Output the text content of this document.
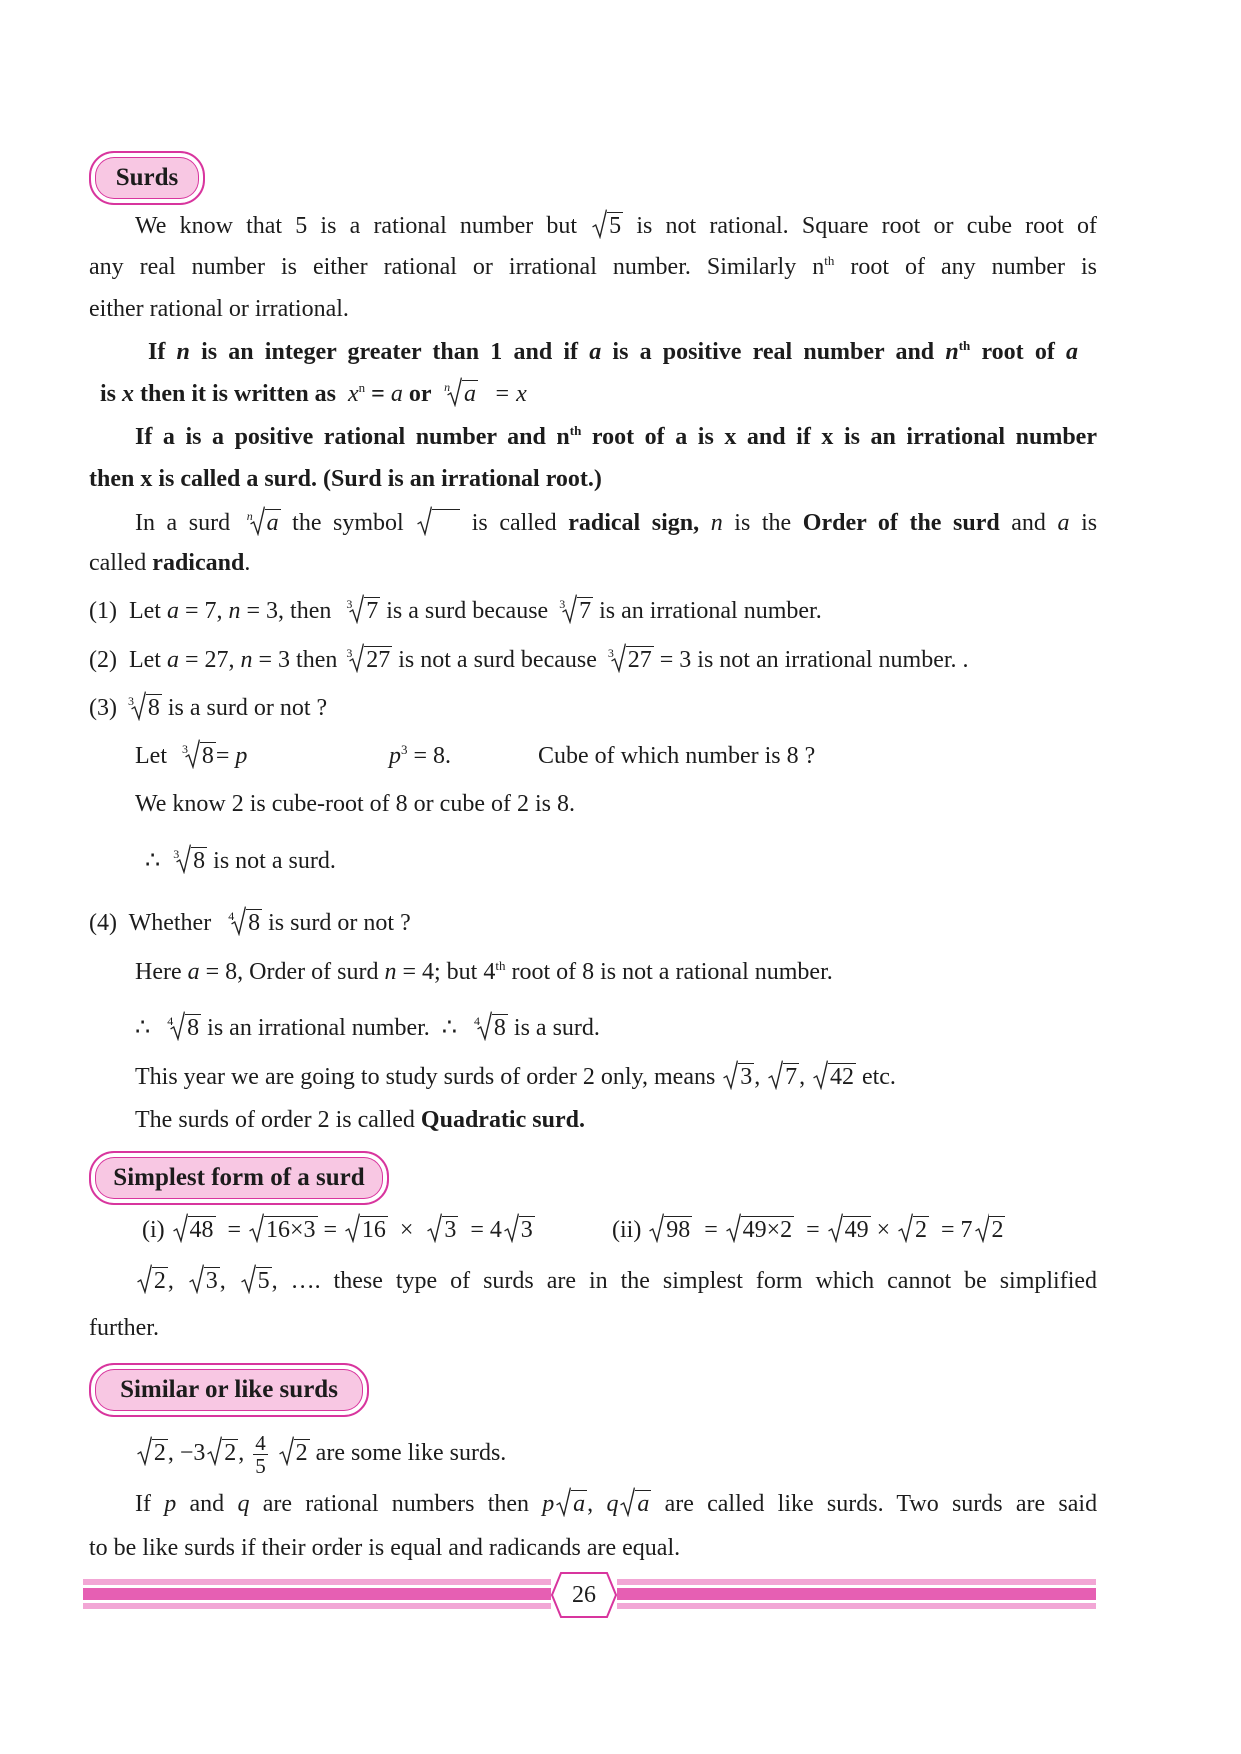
Surds
We know that 5 is a rational number but 5 is not rational. Square root or cube root of
any real number is either rational or irrational number. Similarly $n^{th}$ root of any number is
either rational or irrational.
If n is an integer greater than 1 and if a is a positive real number and $n^{th}$ root of a
is x then it is written as $x^n = a$ or n a = x
If a is a positive rational number and $n^{th}$ root of a is x and if x is an irrational number
then x is called a surd. (Surd is an irrational root.)
In a surd n a the symbol
 	is called radical sign, n is the Order of the surd and a is
called radicand.
(1) Let a = 7, n = 3, then 3 7 is a surd because 3 7 is an irrational number.
(2) Let a = 27, n = 3 then 3 27 is not a surd because 3 27 = 3 is not an irrational number. .
(3) 3 8 is a surd or not ?
Let 3 8= p	$p^3 = 8$.	Cube of which number is 8 ?
We know 2 is cube-root of 8 or cube of 2 is 8.
∴ 3 8 is not a surd.
(4) Whether 4 8 is surd or not ?
Here a = 8, Order of surd n = 4; but 4th root of 8 is not a rational number.
∴ 4 8 is an irrational number. ∴ 4 8 is a surd.
This year we are going to study surds of order 2 only, means 3, 7, 42 etc.
The surds of order 2 is called Quadratic surd.
Simplest form of a surd
(i) 48 = 16×3 = 16 × 3 = 4 3	(ii) 98 = 49×2 = 49 × 2 = 7 2
2, 3, 5, …. these type of surds are in the simplest form which cannot be simplified
further.
Similar or like surds
2, −3 2, $\frac{4}{5}$
2 are some like surds.
If p and q are rational numbers then p a, q a are called like surds. Two surds are said
to be like surds if their order is equal and radicands are equal.
26
